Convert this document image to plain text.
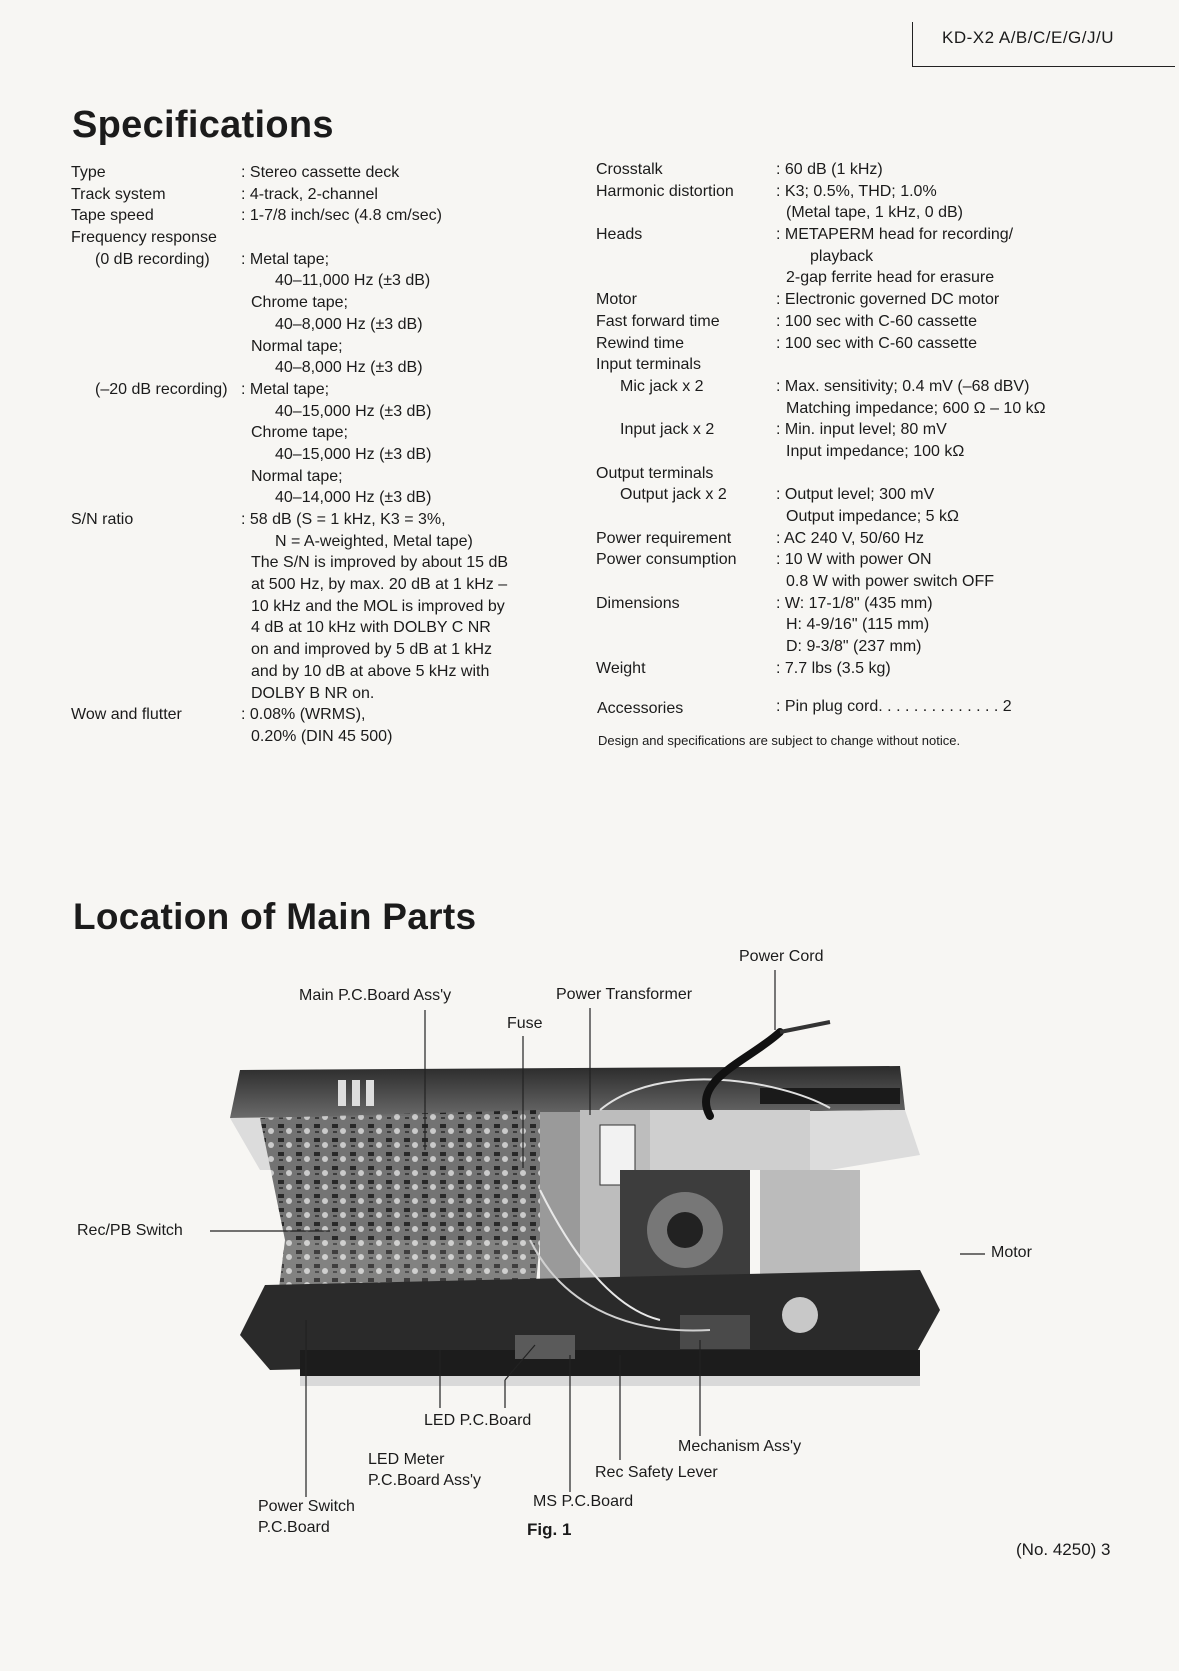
KD-X2 A/B/C/E/G/J/U
Specifications
Type	: Stereo cassette deck
Track system	: 4-track, 2-channel
Tape speed	: 1-7/8 inch/sec (4.8 cm/sec)
Frequency response
(0 dB recording) : Metal tape;
40–11,000 Hz (±3 dB)
Chrome tape;
40–8,000 Hz (±3 dB)
Normal tape;
40–8,000 Hz (±3 dB)
(–20 dB recording) : Metal tape;
40–15,000 Hz (±3 dB)
Chrome tape;
40–15,000 Hz (±3 dB)
Normal tape;
40–14,000 Hz (±3 dB)
S/N ratio	: 58 dB (S = 1 kHz, K3 = 3%,
N = A-weighted, Metal tape)
The S/N is improved by about 15 dB
at 500 Hz, by max. 20 dB at 1 kHz –
10 kHz and the MOL is improved by
4 dB at 10 kHz with DOLBY C NR
on and improved by 5 dB at 1 kHz
and by 10 dB at above 5 kHz with
DOLBY B NR on.
Wow and flutter	: 0.08% (WRMS),
0.20% (DIN 45 500)
Crosstalk	: 60 dB (1 kHz)
Harmonic distortion	: K3; 0.5%, THD; 1.0%
(Metal tape, 1 kHz, 0 dB)
Heads	: METAPERM head for recording/
playback
2-gap ferrite head for erasure
Motor	: Electronic governed DC motor
Fast forward time	: 100 sec with C-60 cassette
Rewind time	: 100 sec with C-60 cassette
Input terminals
Mic jack x 2	: Max. sensitivity; 0.4 mV (–68 dBV)
Matching impedance; 600 Ω – 10 kΩ
Input jack x 2	: Min. input level; 80 mV
Input impedance; 100 kΩ
Output terminals
Output jack x 2	: Output level; 300 mV
Output impedance; 5 kΩ
Power requirement	: AC 240 V, 50/60 Hz
Power consumption : 10 W with power ON
0.8 W with power switch OFF
Dimensions	: W: 17-1/8" (435 mm)
H: 4-9/16" (115 mm)
D: 9-3/8" (237 mm)
Weight	: 7.7 lbs (3.5 kg)
Accessories	: Pin plug cord. . . . . . . . . . . . . . 2
Design and specifications are subject to change without notice.
Location of Main Parts
Power Cord
Main P.C.Board Ass'y	Power Transformer
Fuse
Rec/PB Switch
Motor
LED P.C.Board
LED Meter
P.C.Board Ass'y
Mechanism Ass'y
Rec Safety Lever
MS P.C.Board
Power Switch
P.C.Board	Fig. 1
(No. 4250) 3
